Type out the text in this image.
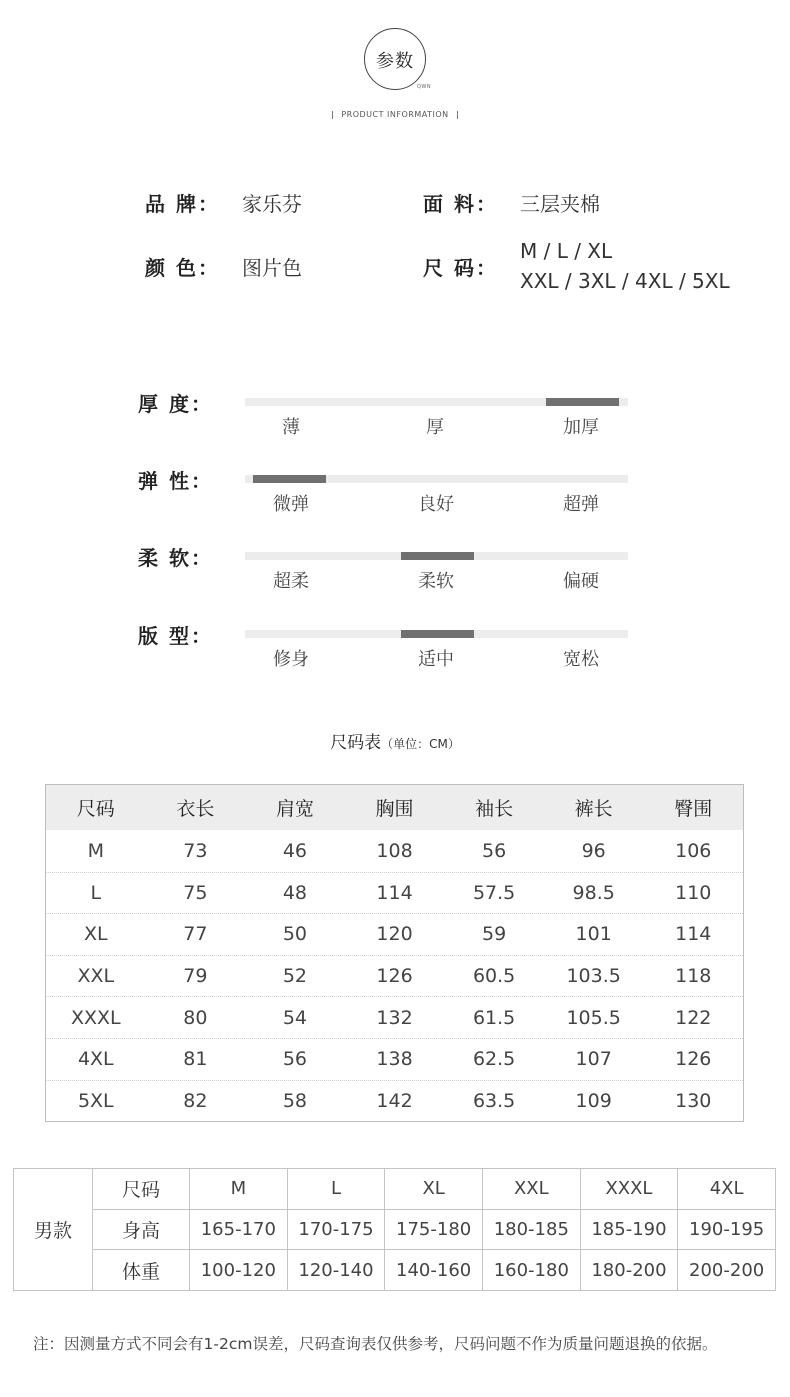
参数
QWN
PRODUCT INFORMATION
品 牌： 家乐芬	面 料： 三层夹棉
颜 色： 图片色	尺 码：
M / L / XL
XXL / 3XL / 4XL / 5XL
厚 度：
薄	厚	加厚
弹 性：
微弹	良好	超弹
柔 软：
超柔	柔软	偏硬
版 型：
修身	适中	宽松
尺码表（单位：CM）
尺码	衣长	肩宽	胸围	袖长	裤长	臀围
M	73	46	108	56	96	106
L	75	48	114	57.5	98.5	110
XL	77	50	120	59	101	114
XXL	79	52	126	60.5	103.5	118
XXXL	80	54	132	61.5	105.5	122
4XL	81	56	138	62.5	107	126
5XL	82	58	142	63.5	109	130
男款	尺码	M	L	XL	XXL	XXXL	4XL
	身高	165-170	170-175	175-180	180-185	185-190	190-195
	体重	100-120	120-140	140-160	160-180	180-200	200-200
注：因测量方式不同会有1-2cm误差，尺码查询表仅供参考，尺码问题不作为质量问题退换的依据。
